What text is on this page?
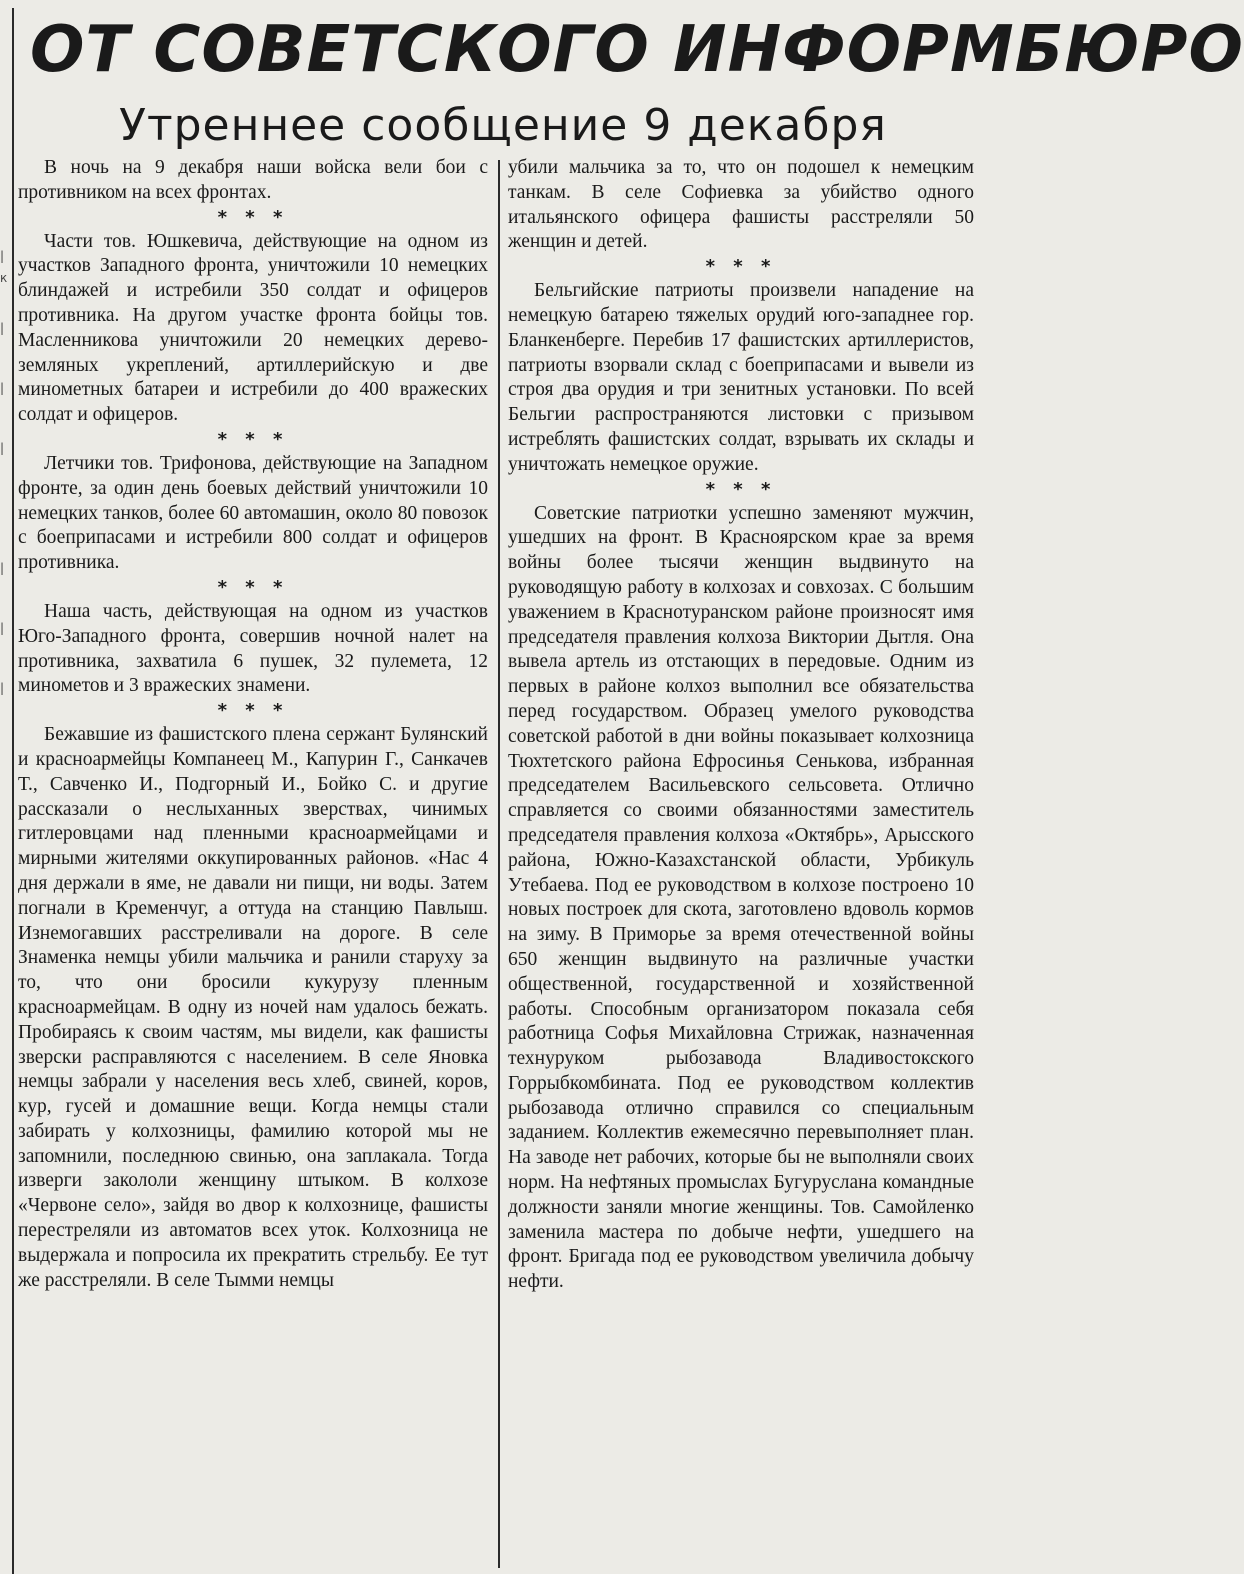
|
к
|
|
|
|
|
|
ОТ СОВЕТСКОГО ИНФОРМБЮРО
Утреннее сообщение 9 декабря

В ночь на 9 декабря наши войска вели бои с противником на всех фронтах.

* * *

Части тов. Юшкевича, действующие на одном из участков Западного фронта, уничтожили 10 немецких блиндажей и истребили 350 солдат и офицеров противника. На другом участке фронта бойцы тов. Масленникова уничтожили 20 немецких дерево-земляных укреплений, артиллерийскую и две минометных батареи и истребили до 400 вражеских солдат и офицеров.

* * *

Летчики тов. Трифонова, действующие на Западном фронте, за один день боевых действий уничтожили 10 немецких танков, более 60 автомашин, около 80 повозок с боеприпасами и истребили 800 солдат и офицеров противника.

* * *

Наша часть, действующая на одном из участков Юго-Западного фронта, совершив ночной налет на противника, захватила 6 пушек, 32 пулемета, 12 минометов и 3 вражеских знамени.

* * *

Бежавшие из фашистского плена сержант Булянский и красноармейцы Компанеец М., Капурин Г., Санкачев Т., Савченко И., Подгорный И., Бойко С. и другие рассказали о неслыханных зверствах, чинимых гитлеровцами над пленными красноармейцами и мирными жителями оккупированных районов. «Нас 4 дня держали в яме, не давали ни пищи, ни воды. Затем погнали в Кременчуг, а оттуда на станцию Павлыш. Изнемогавших расстреливали на дороге. В селе Знаменка немцы убили мальчика и ранили старуху за то, что они бросили кукурузу пленным красноармейцам. В одну из ночей нам удалось бежать. Пробираясь к своим частям, мы видели, как фашисты зверски расправляются с населением. В селе Яновка немцы забрали у населения весь хлеб, свиней, коров, кур, гусей и домашние вещи. Когда немцы стали забирать у колхозницы, фамилию которой мы не запомнили, последнюю свинью, она заплакала. Тогда изверги закололи женщину штыком. В колхозе «Червоне село», зайдя во двор к колхознице, фашисты перестреляли из автоматов всех уток. Колхозница не выдержала и попросила их прекратить стрельбу. Ее тут же расстреляли. В селе Тымми немцы

убили мальчика за то, что он подошел к немецким танкам. В селе Софиевка за убийство одного итальянского офицера фашисты расстреляли 50 женщин и детей.

* * *

Бельгийские патриоты произвели нападение на немецкую батарею тяжелых орудий юго-западнее гор. Бланкенберге. Перебив 17 фашистских артиллеристов, патриоты взорвали склад с боеприпасами и вывели из строя два орудия и три зенитных установки. По всей Бельгии распространяются листовки с призывом истреблять фашистских солдат, взрывать их склады и уничтожать немецкое оружие.

* * *

Советские патриотки успешно заменяют мужчин, ушедших на фронт. В Красноярском крае за время войны более тысячи женщин выдвинуто на руководящую работу в колхозах и совхозах. С большим уважением в Краснотуранском районе произносят имя председателя правления колхоза Виктории Дытля. Она вывела артель из отстающих в передовые. Одним из первых в районе колхоз выполнил все обязательства перед государством. Образец умелого руководства советской работой в дни войны показывает колхозница Тюхтетского района Ефросинья Сенькова, избранная председателем Васильевского сельсовета. Отлично справляется со своими обязанностями заместитель председателя правления колхоза «Октябрь», Арысского района, Южно-Казахстанской области, Урбикуль Утебаева. Под ее руководством в колхозе построено 10 новых построек для скота, заготовлено вдоволь кормов на зиму. В Приморье за время отечественной войны 650 женщин выдвинуто на различные участки общественной, государственной и хозяйственной работы. Способным организатором показала себя работница Софья Михайловна Стрижак, назначенная технуруком рыбозавода Владивостокского Горрыбкомбината. Под ее руководством коллектив рыбозавода отлично справился со специальным заданием. Коллектив ежемесячно перевыполняет план. На заводе нет рабочих, которые бы не выполняли своих норм. На нефтяных промыслах Бугуруслана командные должности заняли многие женщины. Тов. Самойленко заменила мастера по добыче нефти, ушедшего на фронт. Бригада под ее руководством увеличила добычу нефти.
